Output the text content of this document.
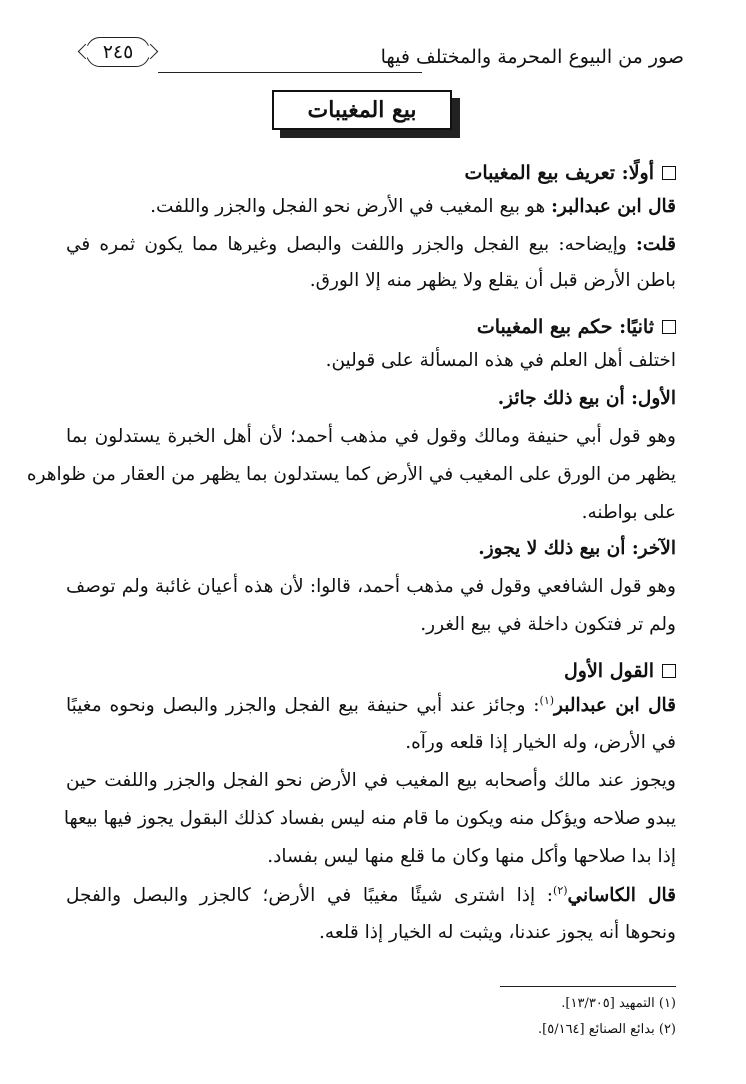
صور من البيوع المحرمة والمختلف فيها
٢٤٥
بيع المغيبات
أولًا: تعريف بيع المغيبات
قال ابن عبدالبر: هو بيع المغيب في الأرض نحو الفجل والجزر واللفت.
قلت: وإيضاحه: بيع الفجل والجزر واللفت والبصل وغيرها مما يكون ثمره في
باطن الأرض قبل أن يقلع ولا يظهر منه إلا الورق.
ثانيًا: حكم بيع المغيبات
اختلف أهل العلم في هذه المسألة على قولين.
الأول: أن بيع ذلك جائز.
وهو قول أبي حنيفة ومالك وقول في مذهب أحمد؛ لأن أهل الخبرة يستدلون بما
يظهر من الورق على المغيب في الأرض كما يستدلون بما يظهر من العقار من ظواهره
على بواطنه.
الآخر: أن بيع ذلك لا يجوز.
وهو قول الشافعي وقول في مذهب أحمد، قالوا: لأن هذه أعيان غائبة ولم توصف
ولم تر فتكون داخلة في بيع الغرر.
القول الأول
قال ابن عبدالبر$^{(١)}$: وجائز عند أبي حنيفة بيع الفجل والجزر والبصل ونحوه مغيبًا
في الأرض، وله الخيار إذا قلعه ورآه.
ويجوز عند مالك وأصحابه بيع المغيب في الأرض نحو الفجل والجزر واللفت حين
يبدو صلاحه ويؤكل منه ويكون ما قام منه ليس بفساد كذلك البقول يجوز فيها بيعها
إذا بدا صلاحها وأكل منها وكان ما قلع منها ليس بفساد.
قال الكاساني$^{(٢)}$: إذا اشترى شيئًا مغيبًا في الأرض؛ كالجزر والبصل والفجل
ونحوها أنه يجوز عندنا، ويثبت له الخيار إذا قلعه.
(١) التمهيد [١٣/٣٠٥].
(٢) بدائع الصنائع [٥/١٦٤].
